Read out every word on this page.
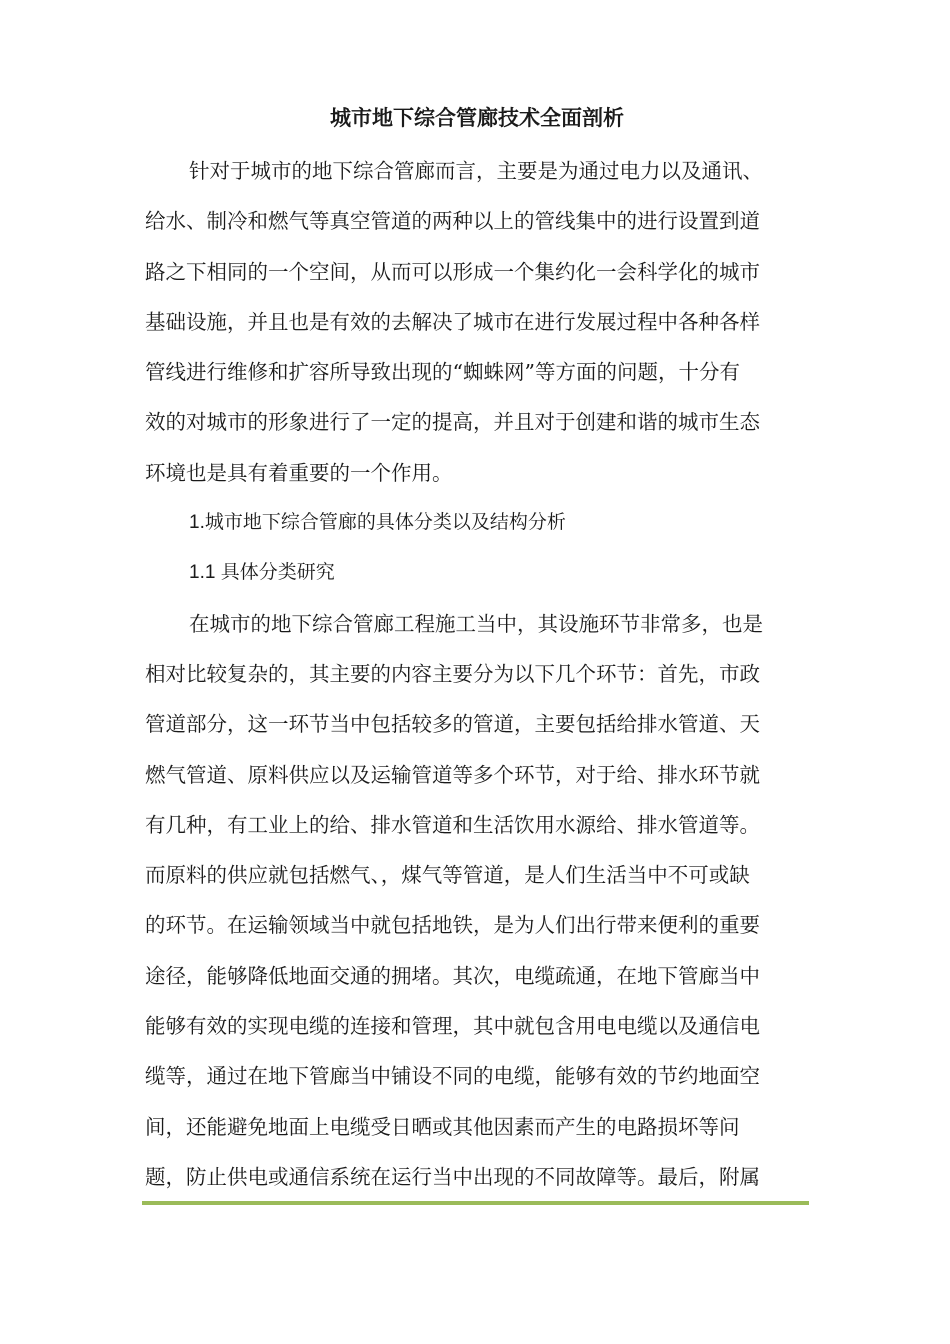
城市地下综合管廊技术全面剖析
针对于城市的地下综合管廊而言，主要是为通过电力以及通讯、
给水、制冷和燃气等真空管道的两种以上的管线集中的进行设置到道
路之下相同的一个空间，从而可以形成一个集约化一会科学化的城市
基础设施，并且也是有效的去解决了城市在进行发展过程中各种各样
管线进行维修和扩容所导致出现的“蜘蛛网”等方面的问题，十分有
效的对城市的形象进行了一定的提高，并且对于创建和谐的城市生态
环境也是具有着重要的一个作用。
1.城市地下综合管廊的具体分类以及结构分析
1.1 具体分类研究
在城市的地下综合管廊工程施工当中，其设施环节非常多，也是
相对比较复杂的，其主要的内容主要分为以下几个环节：首先，市政
管道部分，这一环节当中包括较多的管道，主要包括给排水管道、天
燃气管道、原料供应以及运输管道等多个环节，对于给、排水环节就
有几种，有工业上的给、排水管道和生活饮用水源给、排水管道等。
而原料的供应就包括燃气、，煤气等管道，是人们生活当中不可或缺
的环节。在运输领域当中就包括地铁，是为人们出行带来便利的重要
途径，能够降低地面交通的拥堵。其次，电缆疏通，在地下管廊当中
能够有效的实现电缆的连接和管理，其中就包含用电电缆以及通信电
缆等，通过在地下管廊当中铺设不同的电缆，能够有效的节约地面空
间，还能避免地面上电缆受日晒或其他因素而产生的电路损坏等问
题，防止供电或通信系统在运行当中出现的不同故障等。最后，附属
